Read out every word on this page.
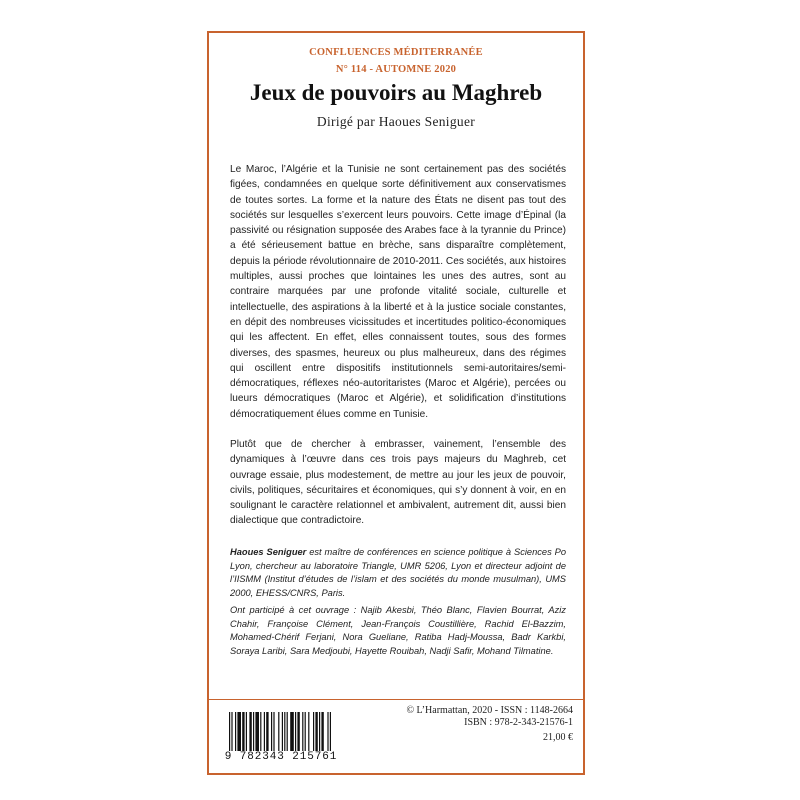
CONFLUENCES MÉDITERRANÉE
N° 114 - AUTOMNE 2020
Jeux de pouvoirs au Maghreb
Dirigé par Haoues Seniguer

Le Maroc, l’Algérie et la Tunisie ne sont certainement pas des sociétés figées, condamnées en quelque sorte définitivement aux conservatismes de toutes sortes. La forme et la nature des États ne disent pas tout des sociétés sur lesquelles s’exercent leurs pouvoirs. Cette image d’Épinal (la passivité ou résignation supposée des Arabes face à la tyrannie du Prince) a été sérieusement battue en brèche, sans disparaître complètement, depuis la période révolutionnaire de 2010-2011. Ces sociétés, aux histoires multiples, aussi proches que lointaines les unes des autres, sont au contraire marquées par une profonde vitalité sociale, culturelle et intellectuelle, des aspirations à la liberté et à la justice sociale constantes, en dépit des nombreuses vicissitudes et incertitudes politico-économiques qui les affectent. En effet, elles connaissent toutes, sous des formes diverses, des spasmes, heureux ou plus malheureux, dans des régimes qui oscillent entre dispositifs institutionnels semi-autoritaires/semi-démocratiques, réflexes néo-autoritaristes (Maroc et Algérie), percées ou lueurs démocratiques (Maroc et Algérie), et solidification d’institutions démocratiquement élues comme en Tunisie.

Plutôt que de chercher à embrasser, vainement, l’ensemble des dynamiques à l’œuvre dans ces trois pays majeurs du Maghreb, cet ouvrage essaie, plus modestement, de mettre au jour les jeux de pouvoir, civils, politiques, sécuritaires et économiques, qui s’y donnent à voir, en en soulignant le caractère relationnel et ambivalent, autrement dit, aussi bien dialectique que contradictoire.

Haoues Seniguer est maître de conférences en science politique à Sciences Po Lyon, chercheur au laboratoire Triangle, UMR 5206, Lyon et directeur adjoint de l’IISMM (Institut d’études de l’islam et des sociétés du monde musulman), UMS 2000, EHESS/CNRS, Paris.

Ont participé à cet ouvrage : Najib Akesbi, Théo Blanc, Flavien Bourrat, Aziz Chahir, Françoise Clément, Jean-François Coustillière, Rachid El-Bazzim, Mohamed-Chérif Ferjani, Nora Gueliane, Ratiba Hadj-Moussa, Badr Karkbi, Soraya Laribi, Sara Medjoubi, Hayette Rouibah, Nadji Safir, Mohand Tilmatine.

9 782343 215761
© L’Harmattan, 2020 - ISSN : 1148-2664
ISBN : 978-2-343-21576-1
21,00 €
